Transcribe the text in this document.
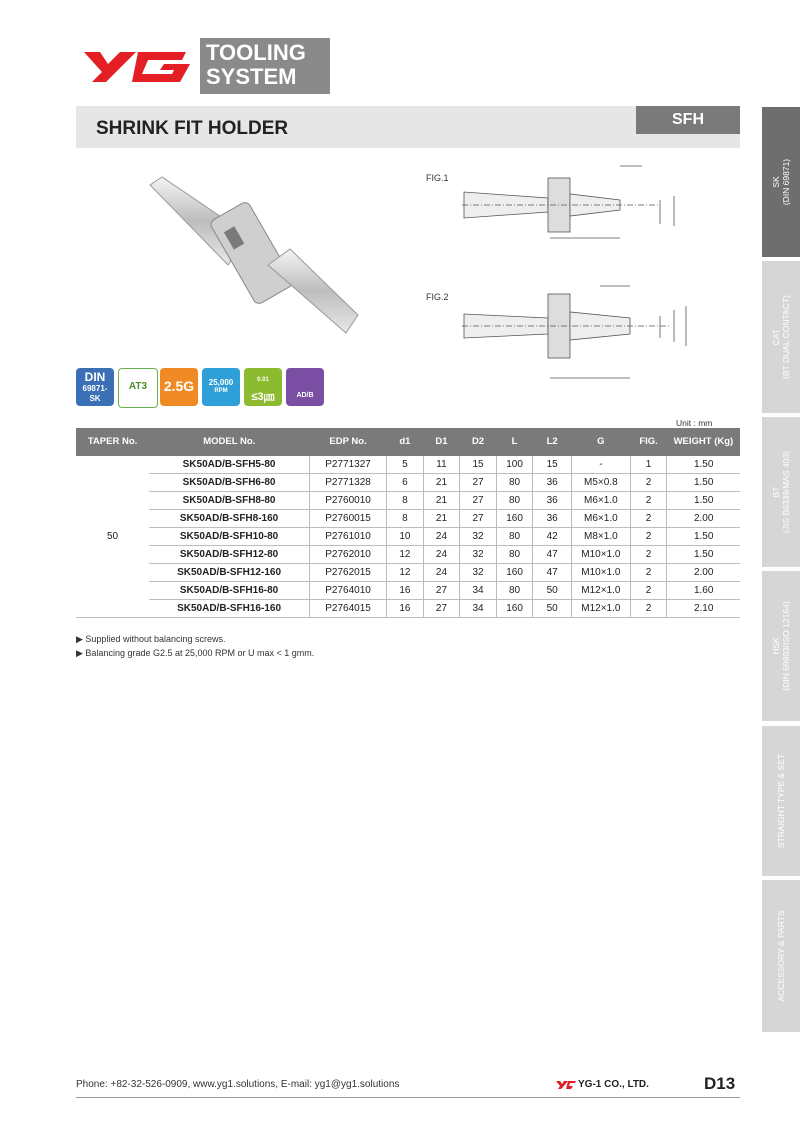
TOOLING
SYSTEM
SHRINK FIT HOLDER	SFH
SK (DIN 69871)
CAT (BT DUAL CONTACT)
BT (JIS B6339/MAS 403)
HSK (DIN 69893/ISO 12164)
STRAIGHT TYPE & SET
ACCESSORY & PARTS
FIG.1
FIG.2
DIN
69871-
SK
AT3	2.5G	25,000
RPM
0.01
≤3㎛	AD/B
Unit : mm
TAPER No.	MODEL No.	EDP No.	d1	D1	D2	L	L2	G	FIG.	WEIGHT (Kg)
50	SK50AD/B-SFH5-80	P2771327	5	11	15	100	15	-	1	1.50
	SK50AD/B-SFH6-80	P2771328	6	21	27	80	36	M5×0.8	2	1.50
	SK50AD/B-SFH8-80	P2760010	8	21	27	80	36	M6×1.0	2	1.50
	SK50AD/B-SFH8-160	P2760015	8	21	27	160	36	M6×1.0	2	2.00
	SK50AD/B-SFH10-80	P2761010	10	24	32	80	42	M8×1.0	2	1.50
	SK50AD/B-SFH12-80	P2762010	12	24	32	80	47	M10×1.0	2	1.50
	SK50AD/B-SFH12-160	P2762015	12	24	32	160	47	M10×1.0	2	2.00
	SK50AD/B-SFH16-80	P2764010	16	27	34	80	50	M12×1.0	2	1.60
	SK50AD/B-SFH16-160	P2764015	16	27	34	160	50	M12×1.0	2	2.10
▶ Supplied without balancing screws.
▶ Balancing grade G2.5 at 25,000 RPM or U max < 1 gmm.
Phone: +82-32-526-0909, www.yg1.solutions, E-mail: yg1@yg1.solutions	YG-1 CO., LTD.	D13
